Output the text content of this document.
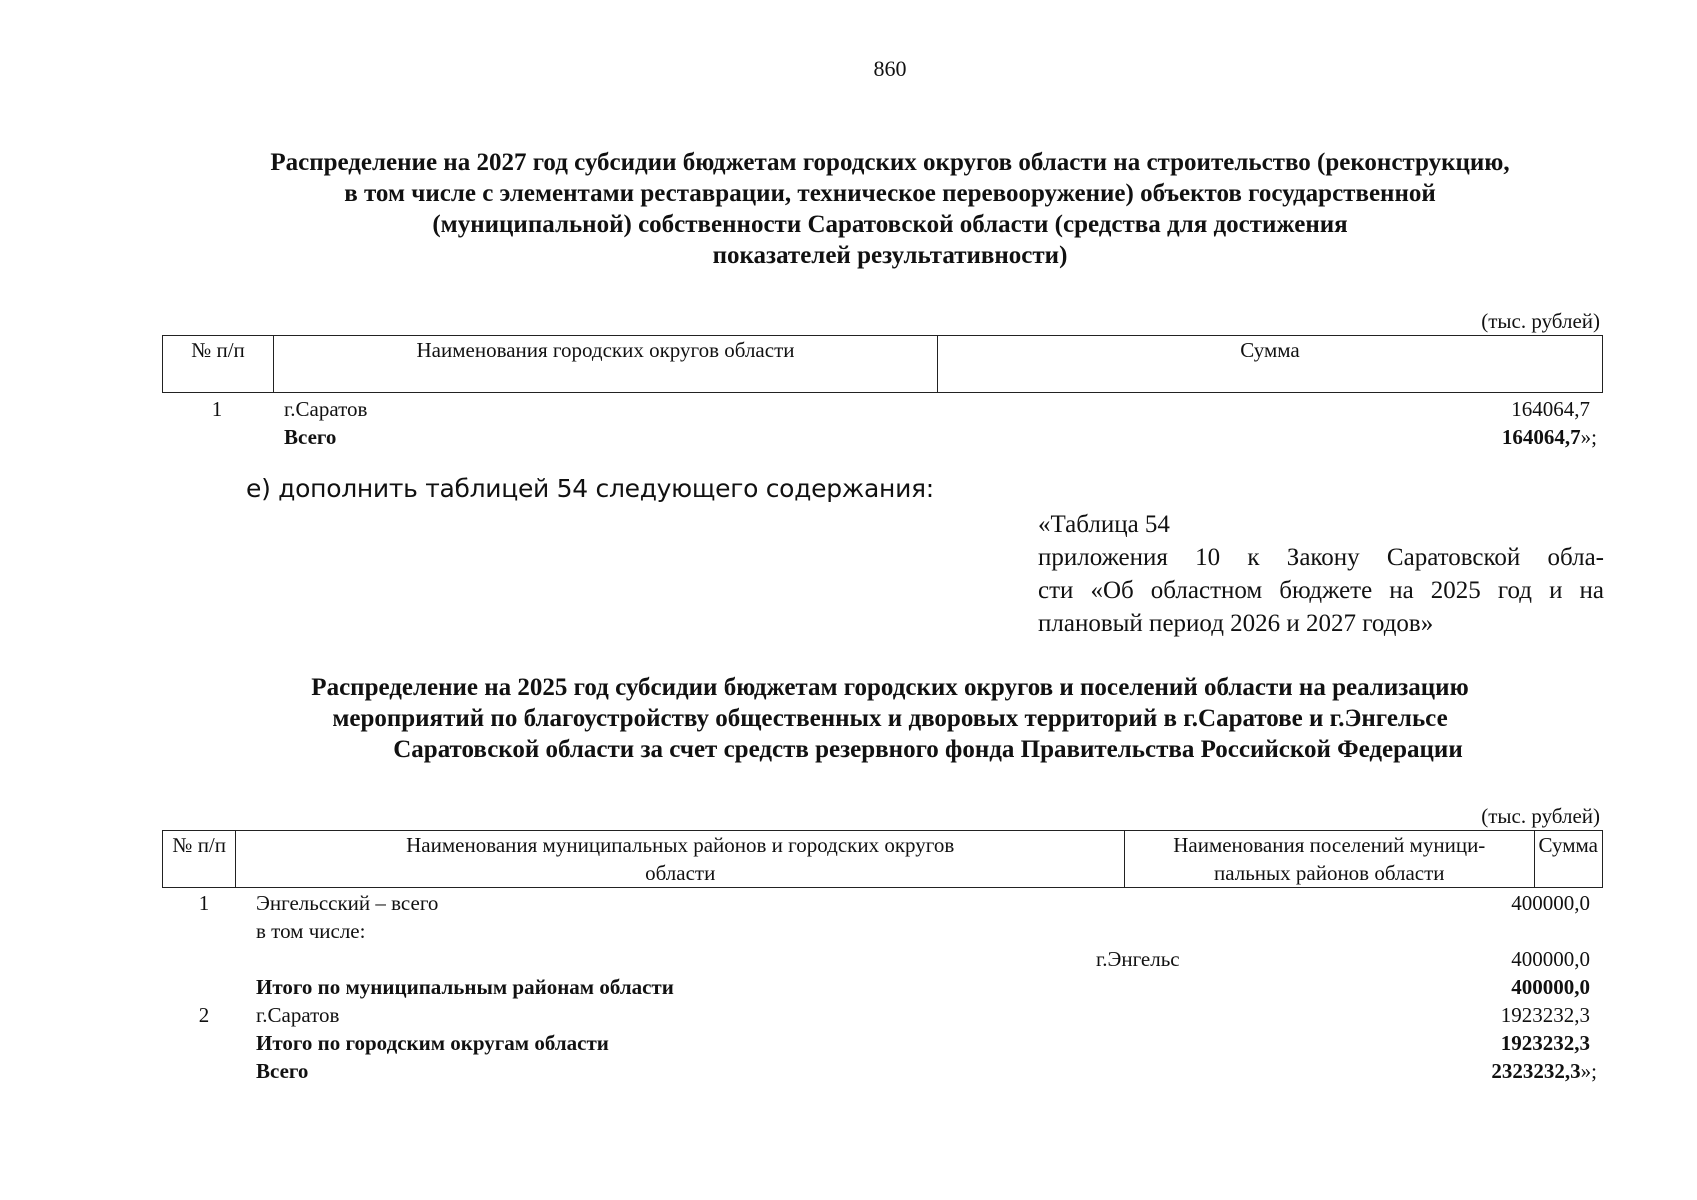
860
Распределение на 2027 год субсидии бюджетам городских округов области на строительство (реконструкцию,
в том числе с элементами реставрации, техническое перевооружение) объектов государственной
(муниципальной) собственности Саратовской области (средства для достижения
показателей результативности)
(тыс. рублей)
№ п/п	Наименования городских округов области	Сумма
1	г.Саратов	164064,7
Всего	164064,7»;
е) дополнить таблицей 54 следующего содержания:
«Таблица 54
приложения 10 к Закону Саратовской обла-
сти «Об областном бюджете на 2025 год и на
плановый период 2026 и 2027 годов»
Распределение на 2025 год субсидии бюджетам городских округов и поселений области на реализацию
мероприятий по благоустройству общественных и дворовых территорий в г.Саратове и г.Энгельсе
Саратовской области за счет средств резервного фонда Правительства Российской Федерации
(тыс. рублей)
№ п/п	Наименования муниципальных районов и городских округов области	Наименования поселений муници-пальных районов области	Сумма
1 Энгельсский – всего	400000,0
в том числе:
г.Энгельс	400000,0
Итого по муниципальным районам области	400000,0
2 г.Саратов	1923232,3
Итого по городским округам области	1923232,3
Всего	2323232,3»;
